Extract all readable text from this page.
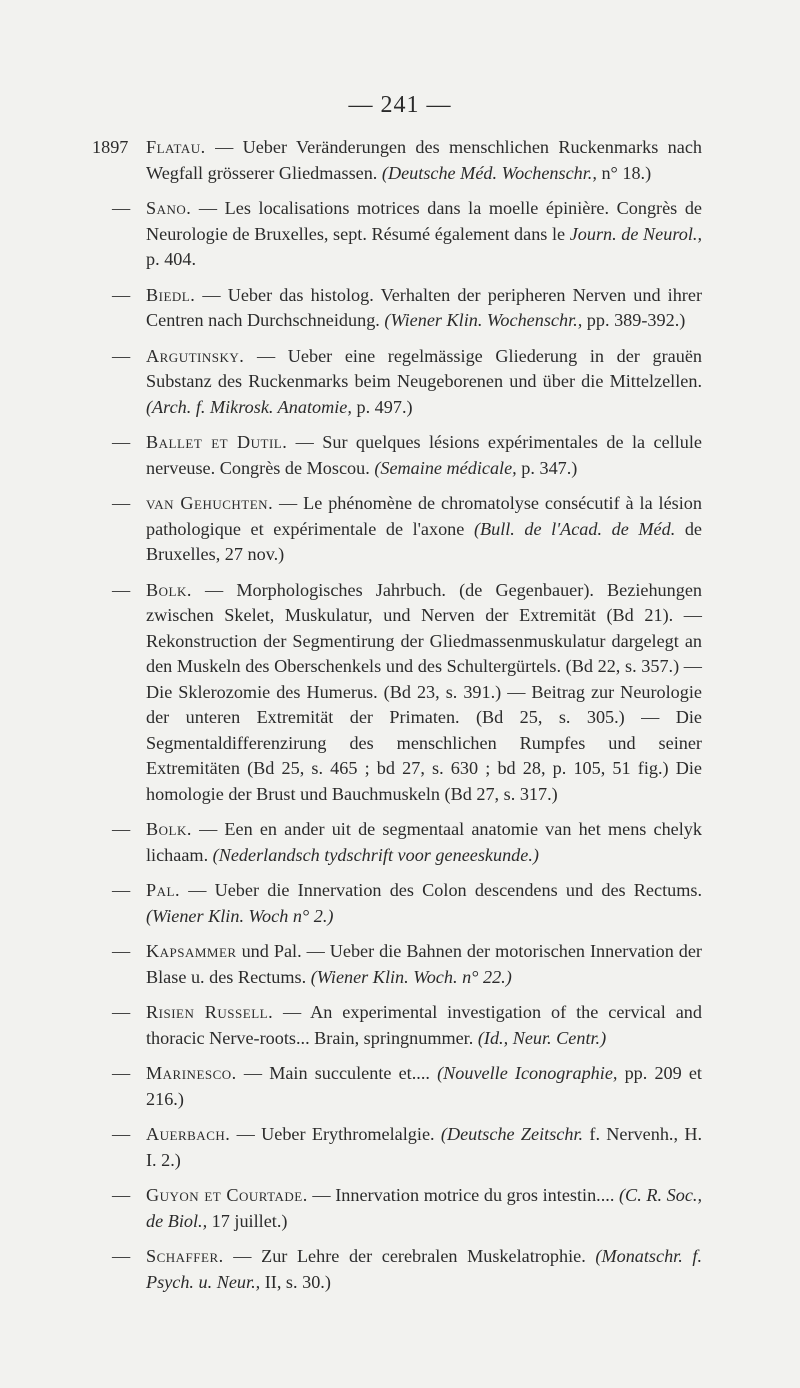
— 241 —
1897 Flatau. — Ueber Veränderungen des menschlichen Ruckenmarks nach Wegfall grösserer Gliedmassen. (Deutsche Méd. Wochenschr., n° 18.)
— Sano. — Les localisations motrices dans la moelle épinière. Congrès de Neurologie de Bruxelles, sept. Résumé également dans le Journ. de Neurol., p. 404.
— Biedl. — Ueber das histolog. Verhalten der peripheren Nerven und ihrer Centren nach Durchschneidung. (Wiener Klin. Wochenschr., pp. 389-392.)
— Argutinsky. — Ueber eine regelmässige Gliederung in der grauën Substanz des Ruckenmarks beim Neugeborenen und über die Mittelzellen. (Arch. f. Mikrosk. Anatomie, p. 497.)
— Ballet et Dutil. — Sur quelques lésions expérimentales de la cellule nerveuse. Congrès de Moscou. (Semaine médicale, p. 347.)
— van Gehuchten. — Le phénomène de chromatolyse consécutif à la lésion pathologique et expérimentale de l'axone (Bull. de l'Acad. de Méd. de Bruxelles, 27 nov.)
— Bolk. — Morphologisches Jahrbuch. (de Gegenbauer). Beziehungen zwischen Skelet, Muskulatur, und Nerven der Extremität (Bd 21). — Rekonstruction der Segmentirung der Gliedmassenmuskulatur dargelegt an den Muskeln des Oberschenkels und des Schultergürtels. (Bd 22, s. 357.) — Die Sklerozomie des Humerus. (Bd 23, s. 391.) — Beitrag zur Neurologie der unteren Extremität der Primaten. (Bd 25, s. 305.) — Die Segmentaldifferenzirung des menschlichen Rumpfes und seiner Extremitäten (Bd 25, s. 465 ; bd 27, s. 630 ; bd 28, p. 105, 51 fig.) Die homologie der Brust und Bauchmuskeln (Bd 27, s. 317.)
— Bolk. — Een en ander uit de segmentaal anatomie van het mens chelyk lichaam. (Nederlandsch tydschrift voor geneeskunde.)
— Pal. — Ueber die Innervation des Colon descendens und des Rectums. (Wiener Klin. Woch n° 2.)
— Kapsammer und Pal. — Ueber die Bahnen der motorischen Innervation der Blase u. des Rectums. (Wiener Klin. Woch. n° 22.)
— Risien Russell. — An experimental investigation of the cervical and thoracic Nerve-roots... Brain, springnummer. (Id., Neur. Centr.)
— Marinesco. — Main succulente et.... (Nouvelle Iconographie, pp. 209 et 216.)
— Auerbach. — Ueber Erythromelalgie. (Deutsche Zeitschr. f. Nervenh., H. I. 2.)
— Guyon et Courtade. — Innervation motrice du gros intestin.... (C. R. Soc., de Biol., 17 juillet.)
— Schaffer. — Zur Lehre der cerebralen Muskelatrophie. (Monatschr. f. Psych. u. Neur., II, s. 30.)
